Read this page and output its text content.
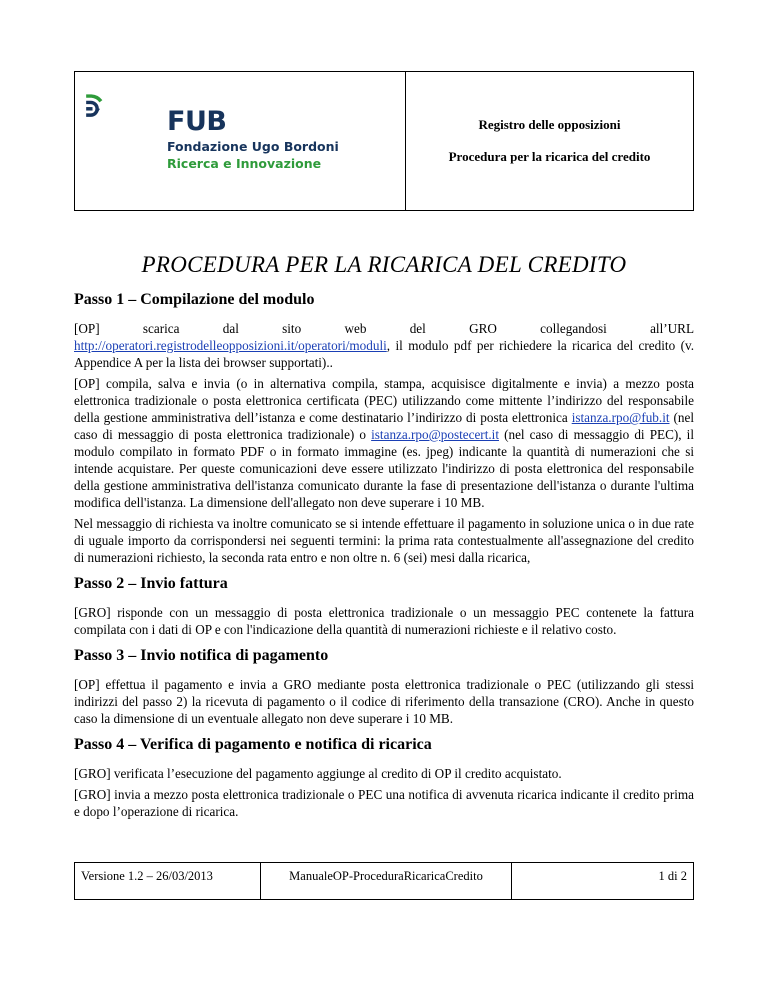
FUB
Fondazione Ugo Bordoni
Ricerca e Innovazione
Registro delle opposizioni
Procedura per la ricarica del credito
PROCEDURA PER LA RICARICA DEL CREDITO
Passo 1 – Compilazione del modulo

[OP]	scarica	dal	sito	web	del	GRO	collegandosi	all’URL
http://operatori.registrodelleopposizioni.it/operatori/moduli, il modulo pdf per richiedere la ricarica del credito (v. Appendice A per la lista dei browser supportati)..

[OP] compila, salva e invia (o in alternativa compila, stampa, acquisisce digitalmente e invia) a mezzo posta elettronica tradizionale o posta elettronica certificata (PEC) utilizzando come mittente l’indirizzo del responsabile della gestione amministrativa dell’istanza e come destinatario l’indirizzo di posta elettronica istanza.rpo@fub.it (nel caso di messaggio di posta elettronica tradizionale) o istanza.rpo@postecert.it (nel caso di messaggio di PEC), il modulo compilato in formato PDF o in formato immagine (es. jpeg) indicante la quantità di numerazioni che si intende acquistare. Per queste comunicazioni deve essere utilizzato l'indirizzo di posta elettronica del responsabile della gestione amministrativa dell'istanza comunicato durante la fase di presentazione dell'istanza o durante l'ultima modifica dell'istanza. La dimensione dell'allegato non deve superare i 10 MB.

Nel messaggio di richiesta va inoltre comunicato se si intende effettuare il pagamento in soluzione unica o in due rate di uguale importo da corrispondersi nei seguenti termini: la prima rata contestualmente all'assegnazione del credito di numerazioni richiesto, la seconda rata entro e non oltre n. 6 (sei) mesi dalla ricarica,

Passo 2 – Invio fattura

[GRO] risponde con un messaggio di posta elettronica tradizionale o un messaggio PEC contenete la fattura compilata con i dati di OP e con l'indicazione della quantità di numerazioni richieste e il relativo costo.

Passo 3 – Invio notifica di pagamento

[OP] effettua il pagamento e invia a GRO mediante posta elettronica tradizionale o PEC (utilizzando gli stessi indirizzi del passo 2) la ricevuta di pagamento o il codice di riferimento della transazione (CRO). Anche in questo caso la dimensione di un eventuale allegato non deve superare i 10 MB.

Passo 4 – Verifica di pagamento e notifica di ricarica

[GRO] verificata l’esecuzione del pagamento aggiunge al credito di OP il credito acquistato.

[GRO] invia a mezzo posta elettronica tradizionale o PEC una notifica di avvenuta ricarica indicante il credito prima e dopo l’operazione di ricarica.

Versione 1.2 – 26/03/2013	ManualeOP-ProceduraRicaricaCredito	1 di 2
